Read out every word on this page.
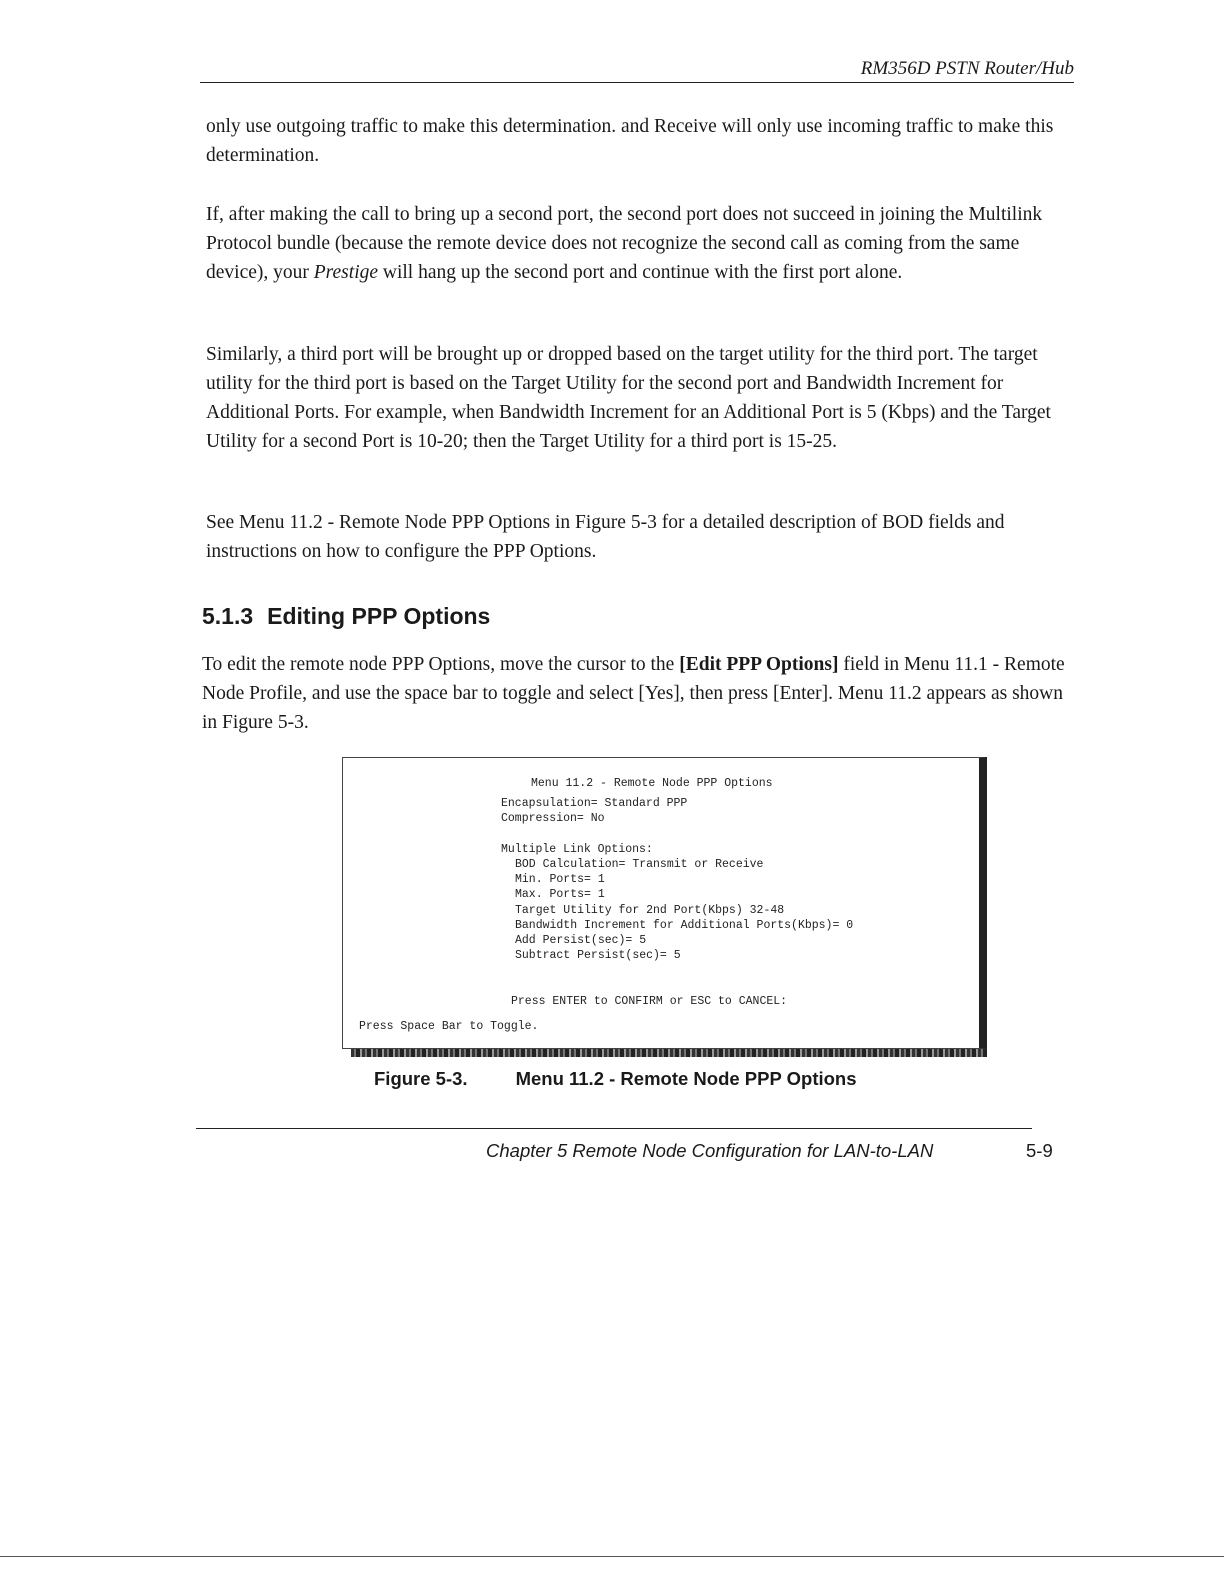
RM356D PSTN Router/Hub

only use outgoing traffic to make this determination. and Receive will only use incoming traffic to make this determination.

If, after making the call to bring up a second port, the second port does not succeed in joining the Multilink Protocol bundle (because the remote device does not recognize the second call as coming from the same device), your Prestige will hang up the second port and continue with the first port alone.

Similarly, a third port will be brought up or dropped based on the target utility for the third port. The target utility for the third port is based on the Target Utility for the second port and Bandwidth Increment for Additional Ports. For example, when Bandwidth Increment for an Additional Port is 5 (Kbps) and the Target Utility for a second Port is 10-20; then the Target Utility for a third port is 15-25.

See Menu 11.2 - Remote Node PPP Options in Figure 5-3 for a detailed description of BOD fields and instructions on how to configure the PPP Options.

5.1.3 Editing PPP Options

To edit the remote node PPP Options, move the cursor to the [Edit PPP Options] field in Menu 11.1 - Remote Node Profile, and use the space bar to toggle and select [Yes], then press [Enter]. Menu 11.2 appears as shown in Figure 5-3.

Menu 11.2 - Remote Node PPP Options
Encapsulation= Standard PPP
Compression= No
Multiple Link Options:
BOD Calculation= Transmit or Receive
Min. Ports= 1
Max. Ports= 1
Target Utility for 2nd Port(Kbps) 32-48
Bandwidth Increment for Additional Ports(Kbps)= 0
Add Persist(sec)= 5
Subtract Persist(sec)= 5
Press ENTER to CONFIRM or ESC to CANCEL:
Press Space Bar to Toggle.
Figure 5-3.	Menu 11.2 - Remote Node PPP Options
Chapter 5 Remote Node Configuration for LAN-to-LAN	5-9
